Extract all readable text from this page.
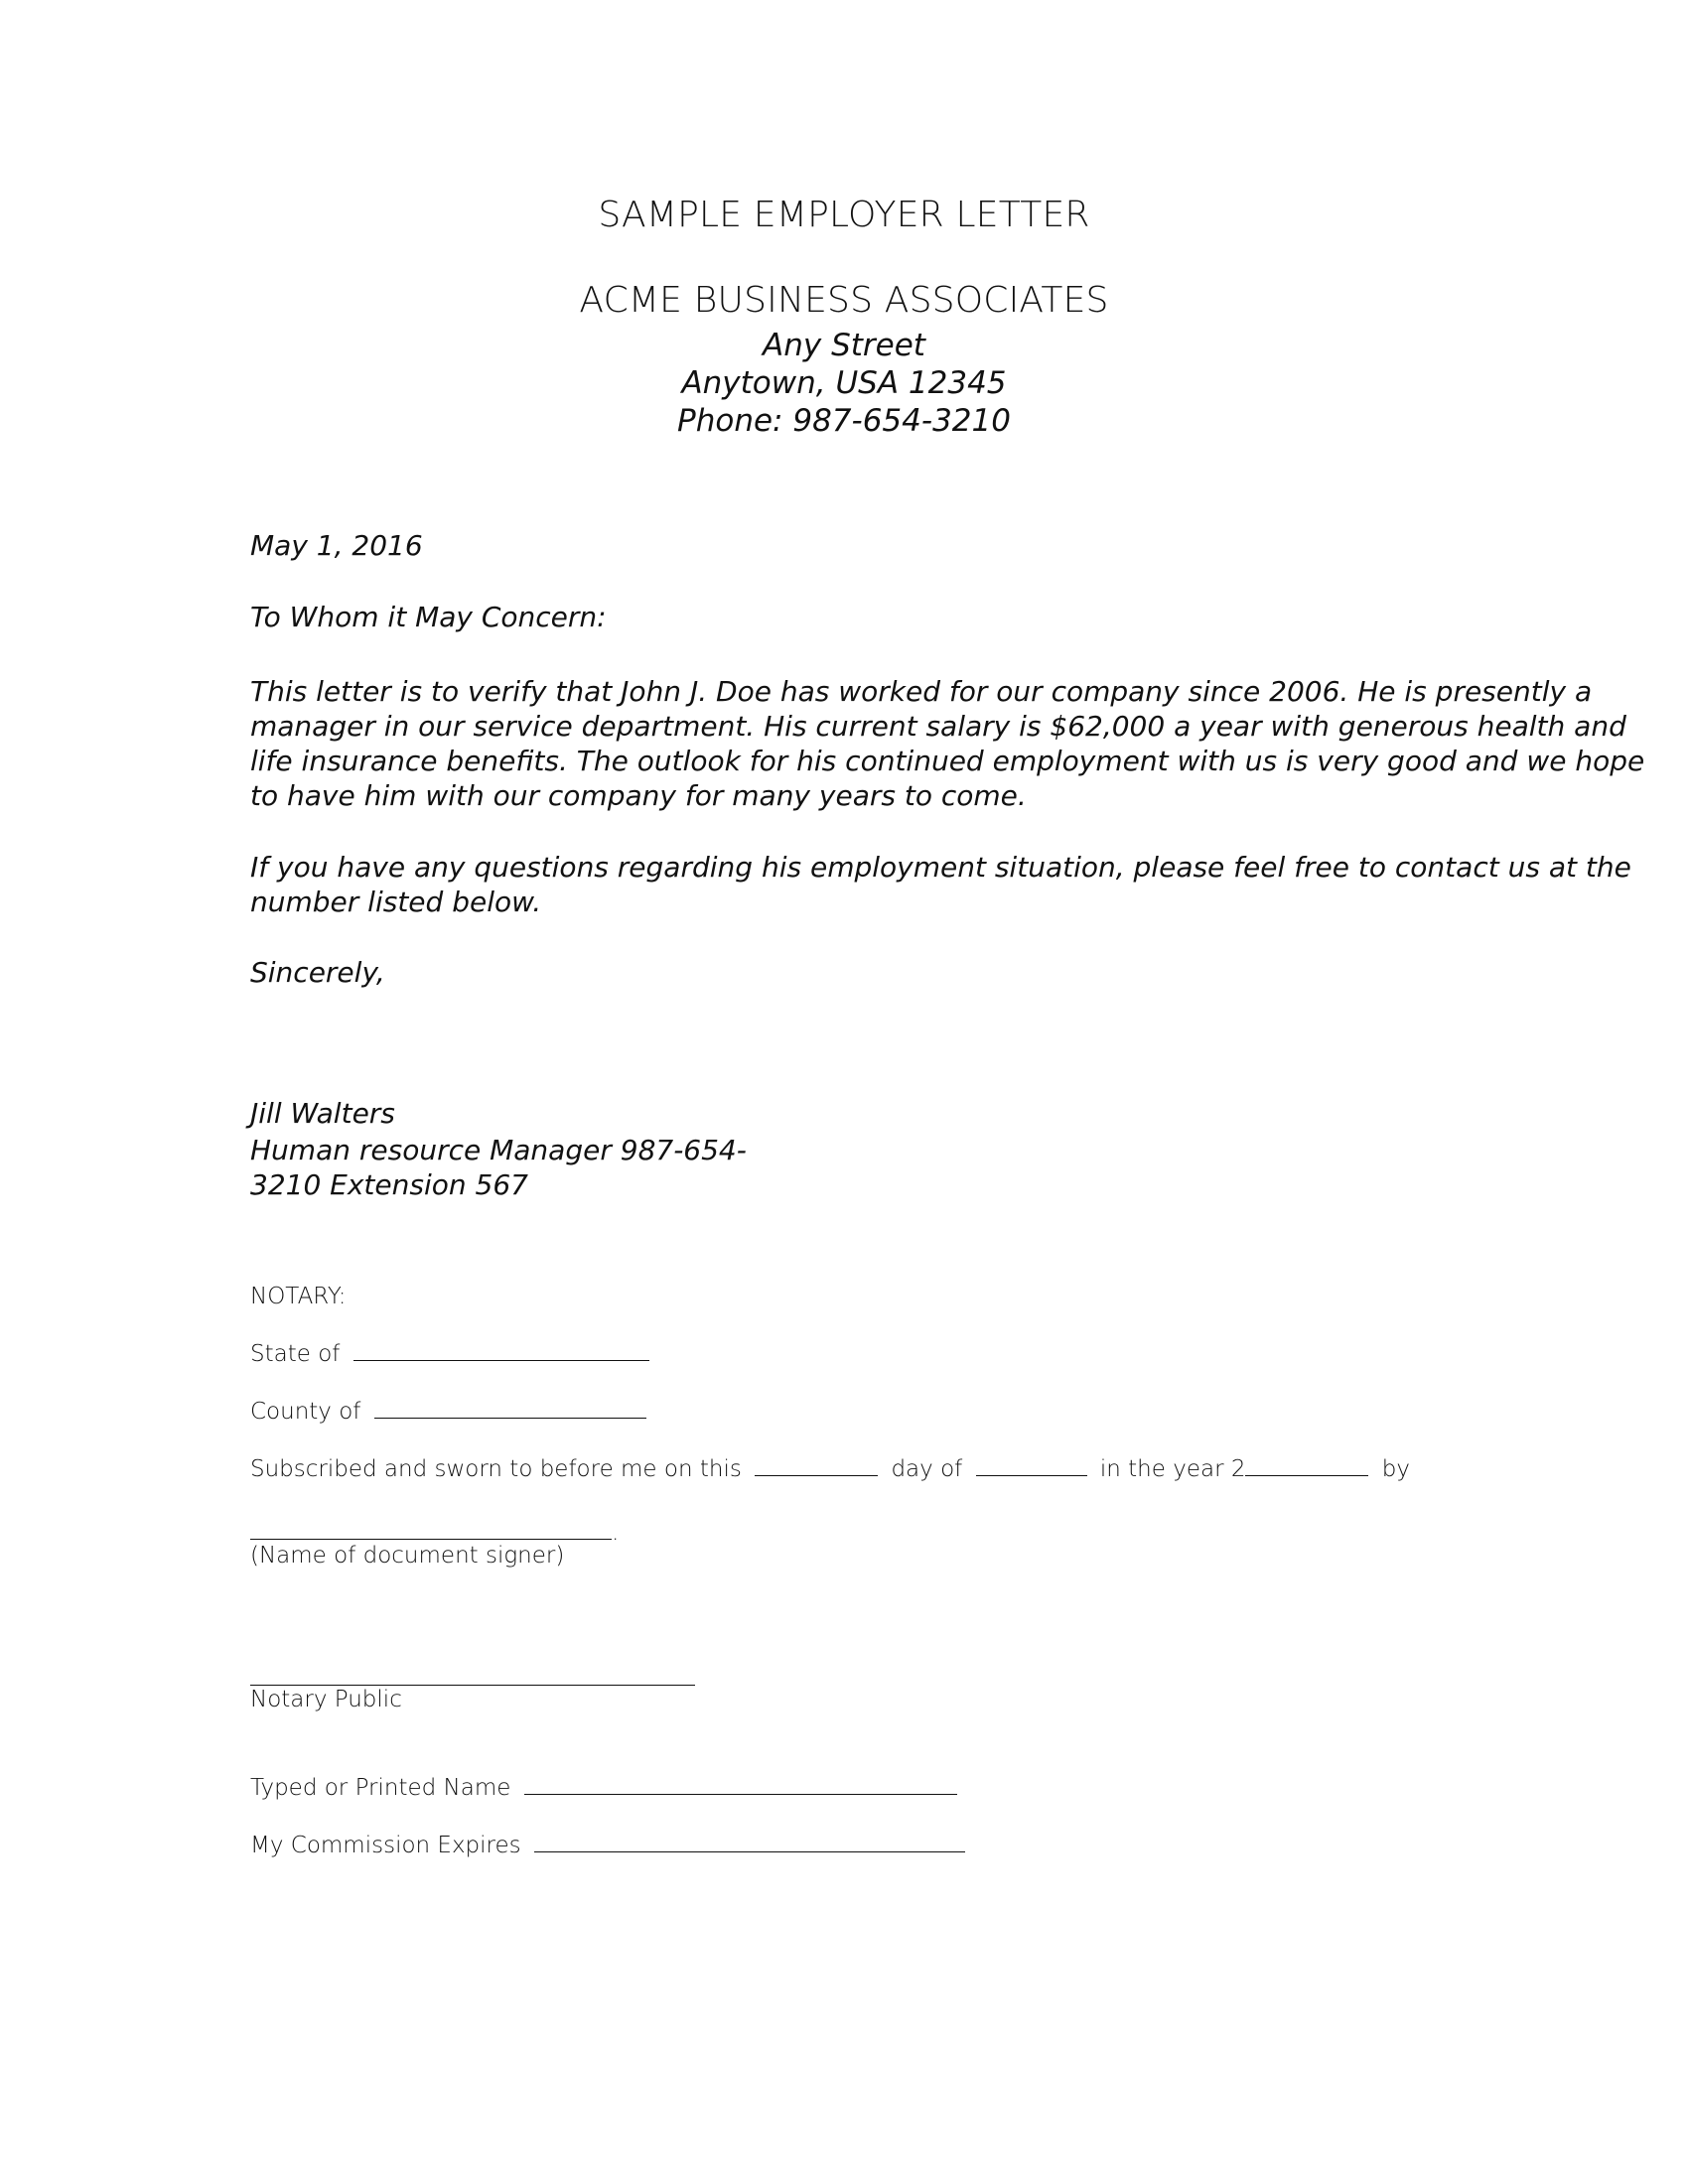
SAMPLE EMPLOYER LETTER
ACME BUSINESS ASSOCIATES
Any Street
Anytown, USA 12345
Phone: 987-654-3210
May 1, 2016
To Whom it May Concern:
This letter is to verify that John J. Doe has worked for our company since 2006. He is presently a
manager in our service department. His current salary is $62,000 a year with generous health and
life insurance benefits. The outlook for his continued employment with us is very good and we hope
to have him with our company for many years to come.
If you have any questions regarding his employment situation, please feel free to contact us at the
number listed below.
Sincerely,
Jill Walters
Human resource Manager 987-654-
3210 Extension 567
NOTARY:
State of
County of
Subscribed and sworn to before me on this	day of	in the year 2	by
.
(Name of document signer)
Notary Public
Typed or Printed Name
My Commission Expires
